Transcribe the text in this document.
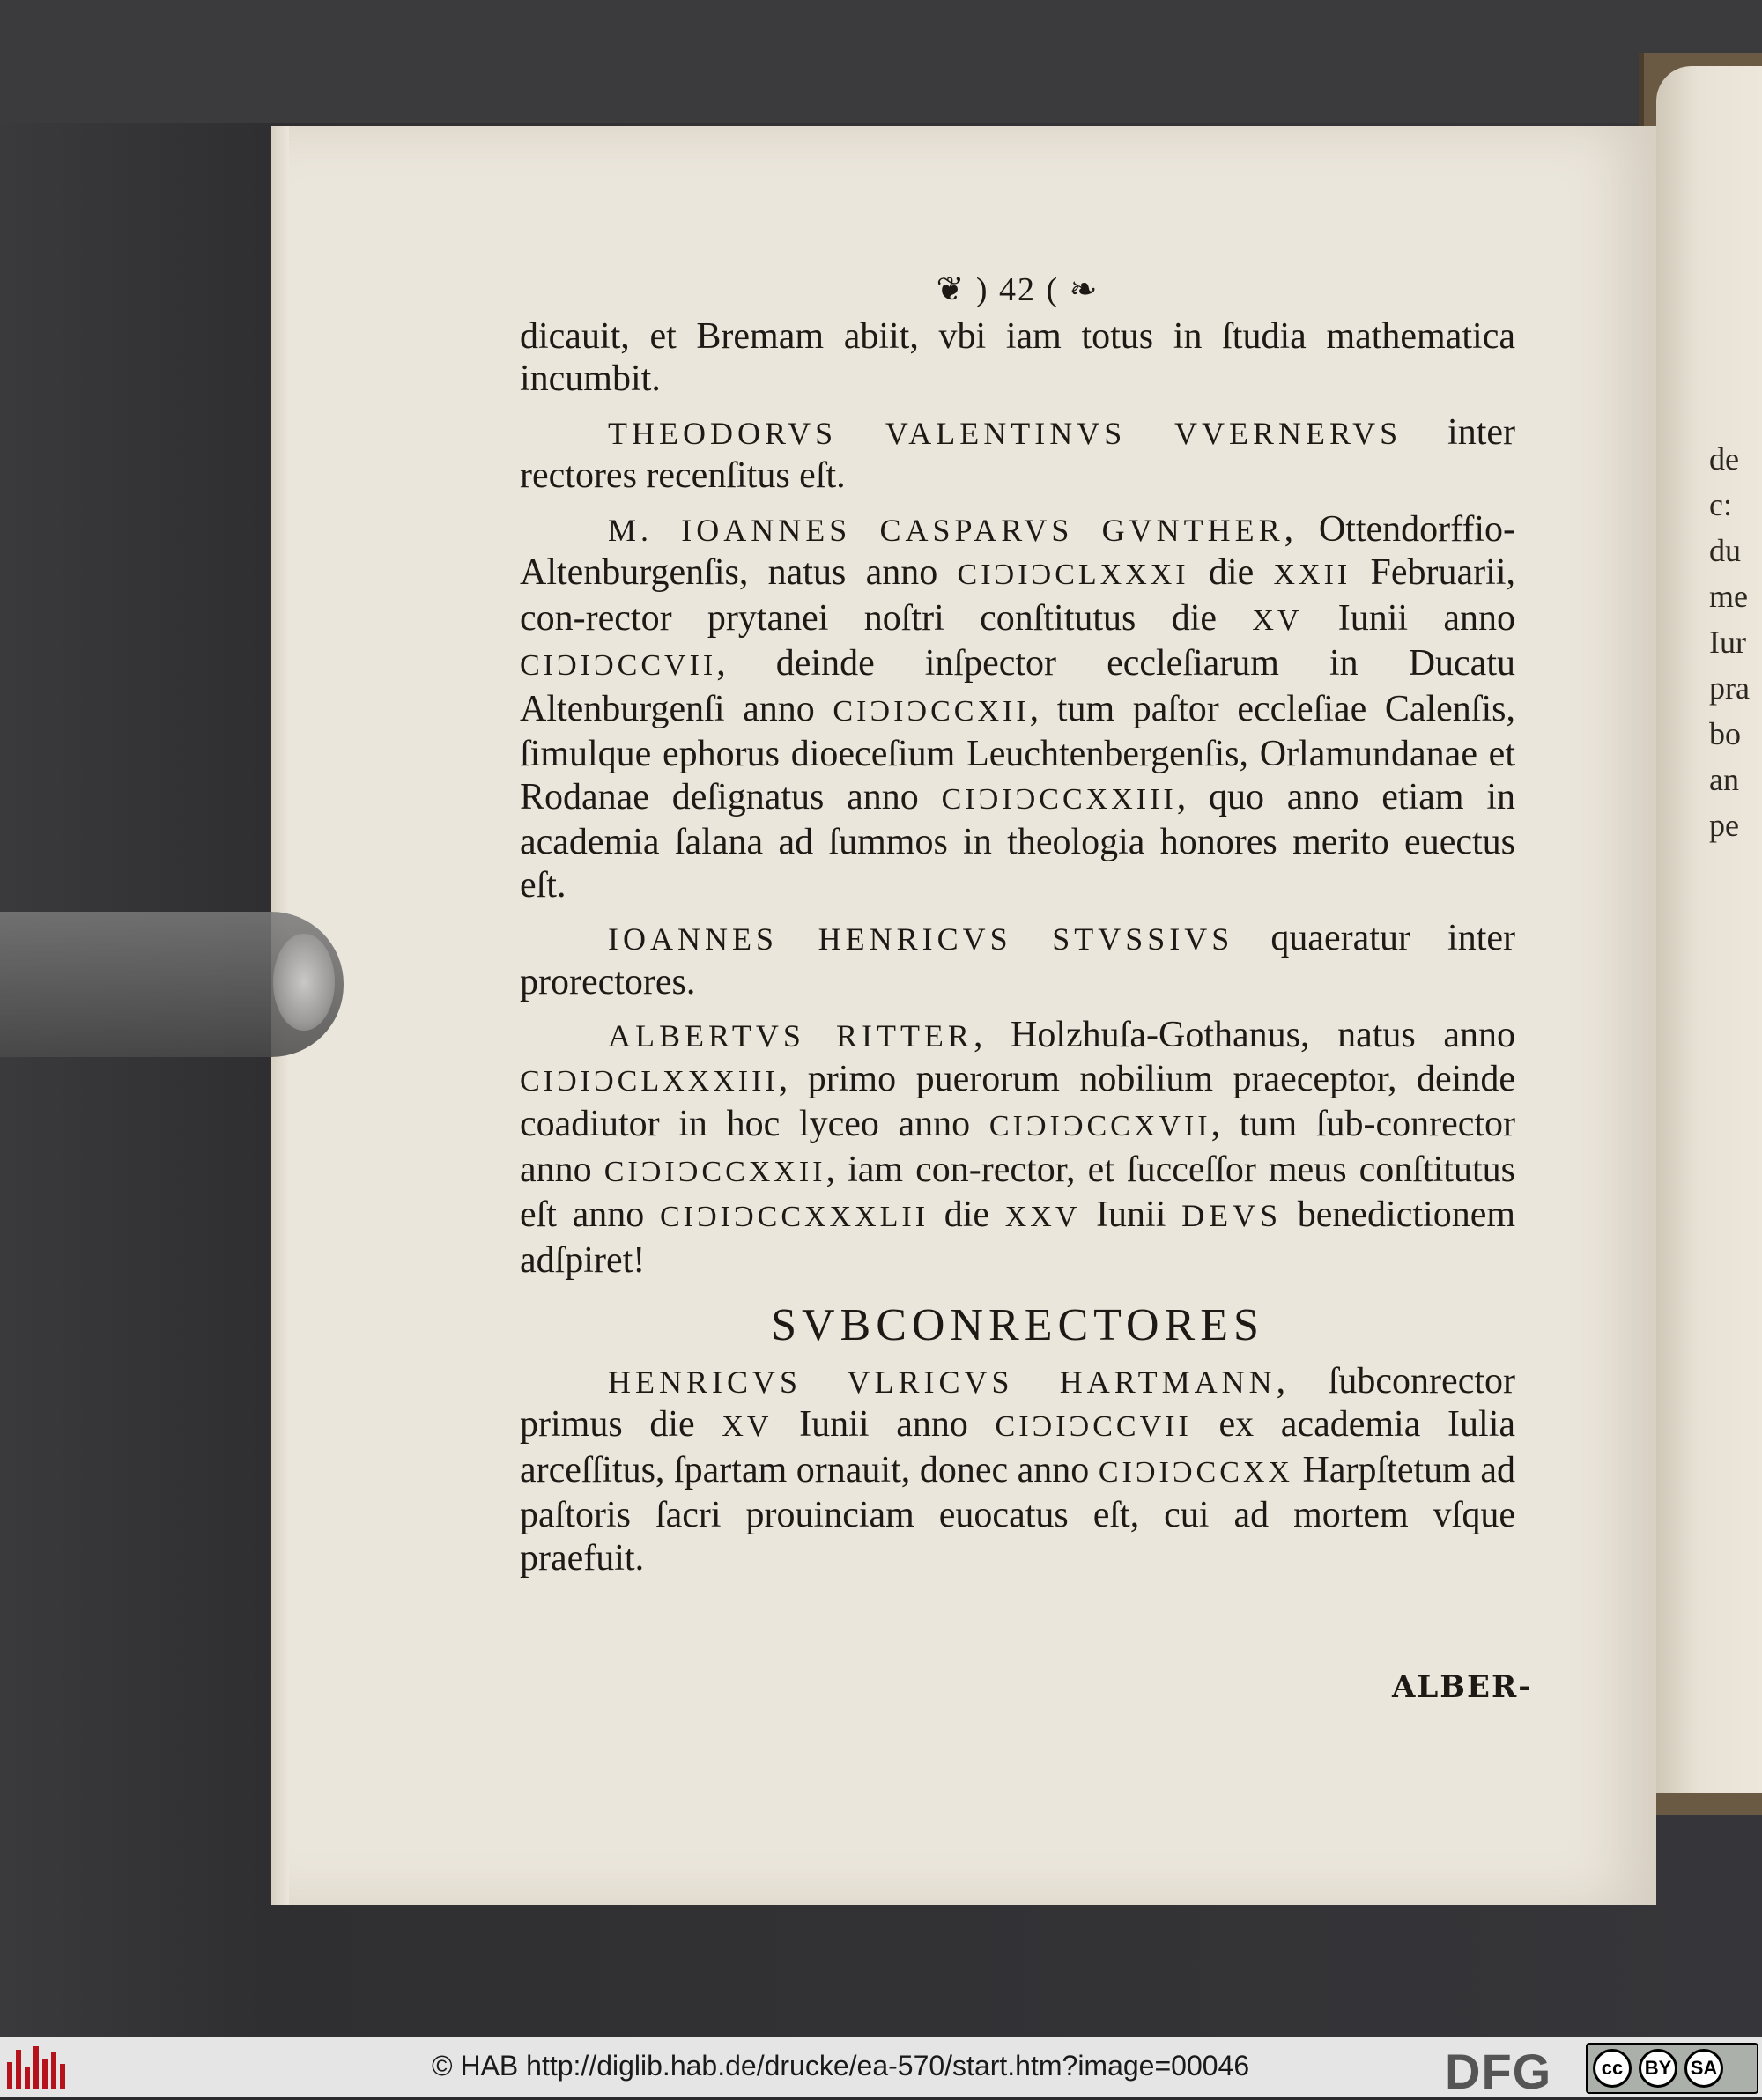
de
c:
du
me
Iur
pra
bo
an
pe
❦ ) 42 ( ❧

dicauit, et Bremam abiit, vbi iam totus in ſtudia mathematica incumbit.

THEODORVS VALENTINVS VVERNERVS inter rectores recenſitus eſt.

M. IOANNES CASPARVS GVNTHER, Ottendorffio-Altenburgenſis, natus anno CIƆIƆCLXXXI die XXII Februarii, con-rector prytanei noſtri conſtitutus die XV Iunii anno CIƆIƆCCVII, deinde inſpector eccleſiarum in Ducatu Altenburgenſi anno CIƆIƆCCXII, tum paſtor eccleſiae Calenſis, ſimulque ephorus dioeceſium Leuchtenbergenſis, Orlamundanae et Rodanae deſignatus anno CIƆIƆCCXXIII, quo anno etiam in academia ſalana ad ſummos in theologia honores merito euectus eſt.

IOANNES HENRICVS STVSSIVS quaeratur inter prorectores.

ALBERTVS RITTER, Holzhuſa-Gothanus, natus anno CIƆIƆCLXXXIII, primo puerorum nobilium praeceptor, deinde coadiutor in hoc lyceo anno CIƆIƆCCXVII, tum ſub-conrector anno CIƆIƆCCXXII, iam con-rector, et ſucceſſor meus conſtitutus eſt anno CIƆIƆCCXXXLII die XXV Iunii DEVS benedictionem adſpiret!

SVBCONRECTORES

HENRICVS VLRICVS HARTMANN, ſubconrector primus die XV Iunii anno CIƆIƆCCVII ex academia Iulia arceſſitus, ſpartam ornauit, donec anno CIƆIƆCCXX Harpſtetum ad paſtoris ſacri prouinciam euocatus eſt, cui ad mortem vſque praefuit.

ALBER-
© HAB http://diglib.hab.de/drucke/ea-570/start.htm?image=00046	DFG	cc	BY SA
